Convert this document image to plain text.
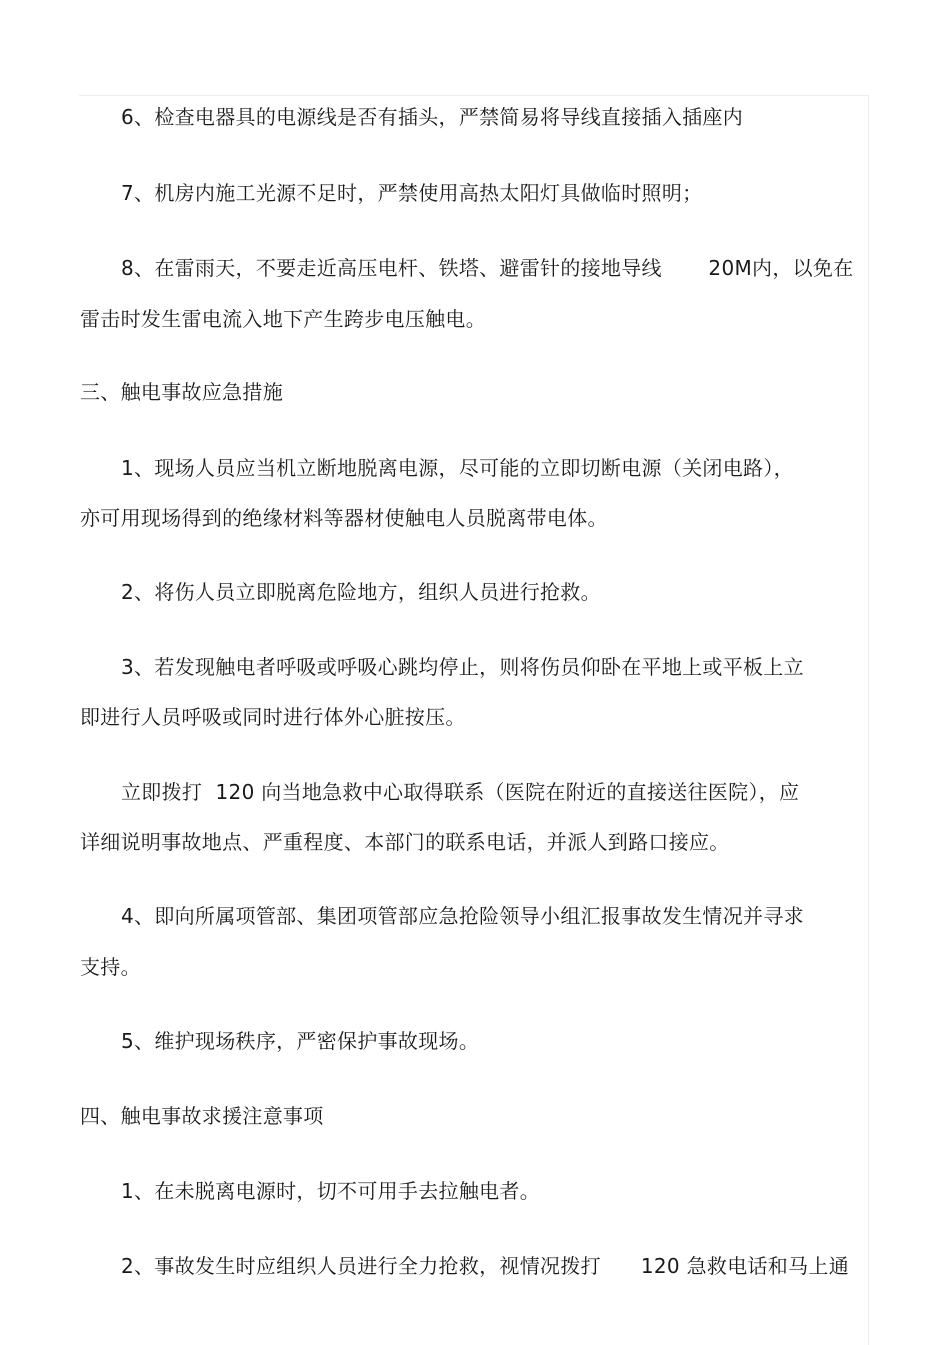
6、检查电器具的电源线是否有插头，严禁简易将导线直接插入插座内
7、机房内施工光源不足时，严禁使用高热太阳灯具做临时照明；
8、在雷雨天，不要走近高压电杆、铁塔、避雷针的接地导线       20M内，以免在
雷击时发生雷电流入地下产生跨步电压触电。
三、触电事故应急措施
1、现场人员应当机立断地脱离电源，尽可能的立即切断电源（关闭电路），
亦可用现场得到的绝缘材料等器材使触电人员脱离带电体。
2、将伤人员立即脱离危险地方，组织人员进行抢救。
3、若发现触电者呼吸或呼吸心跳均停止，则将伤员仰卧在平地上或平板上立
即进行人员呼吸或同时进行体外心脏按压。
立即拨打  120 向当地急救中心取得联系（医院在附近的直接送往医院），应
详细说明事故地点、严重程度、本部门的联系电话，并派人到路口接应。
4、即向所属项管部、集团项管部应急抢险领导小组汇报事故发生情况并寻求
支持。
5、维护现场秩序，严密保护事故现场。
四、触电事故求援注意事项
1、在未脱离电源时，切不可用手去拉触电者。
2、事故发生时应组织人员进行全力抢救，视情况拨打      120 急救电话和马上通
